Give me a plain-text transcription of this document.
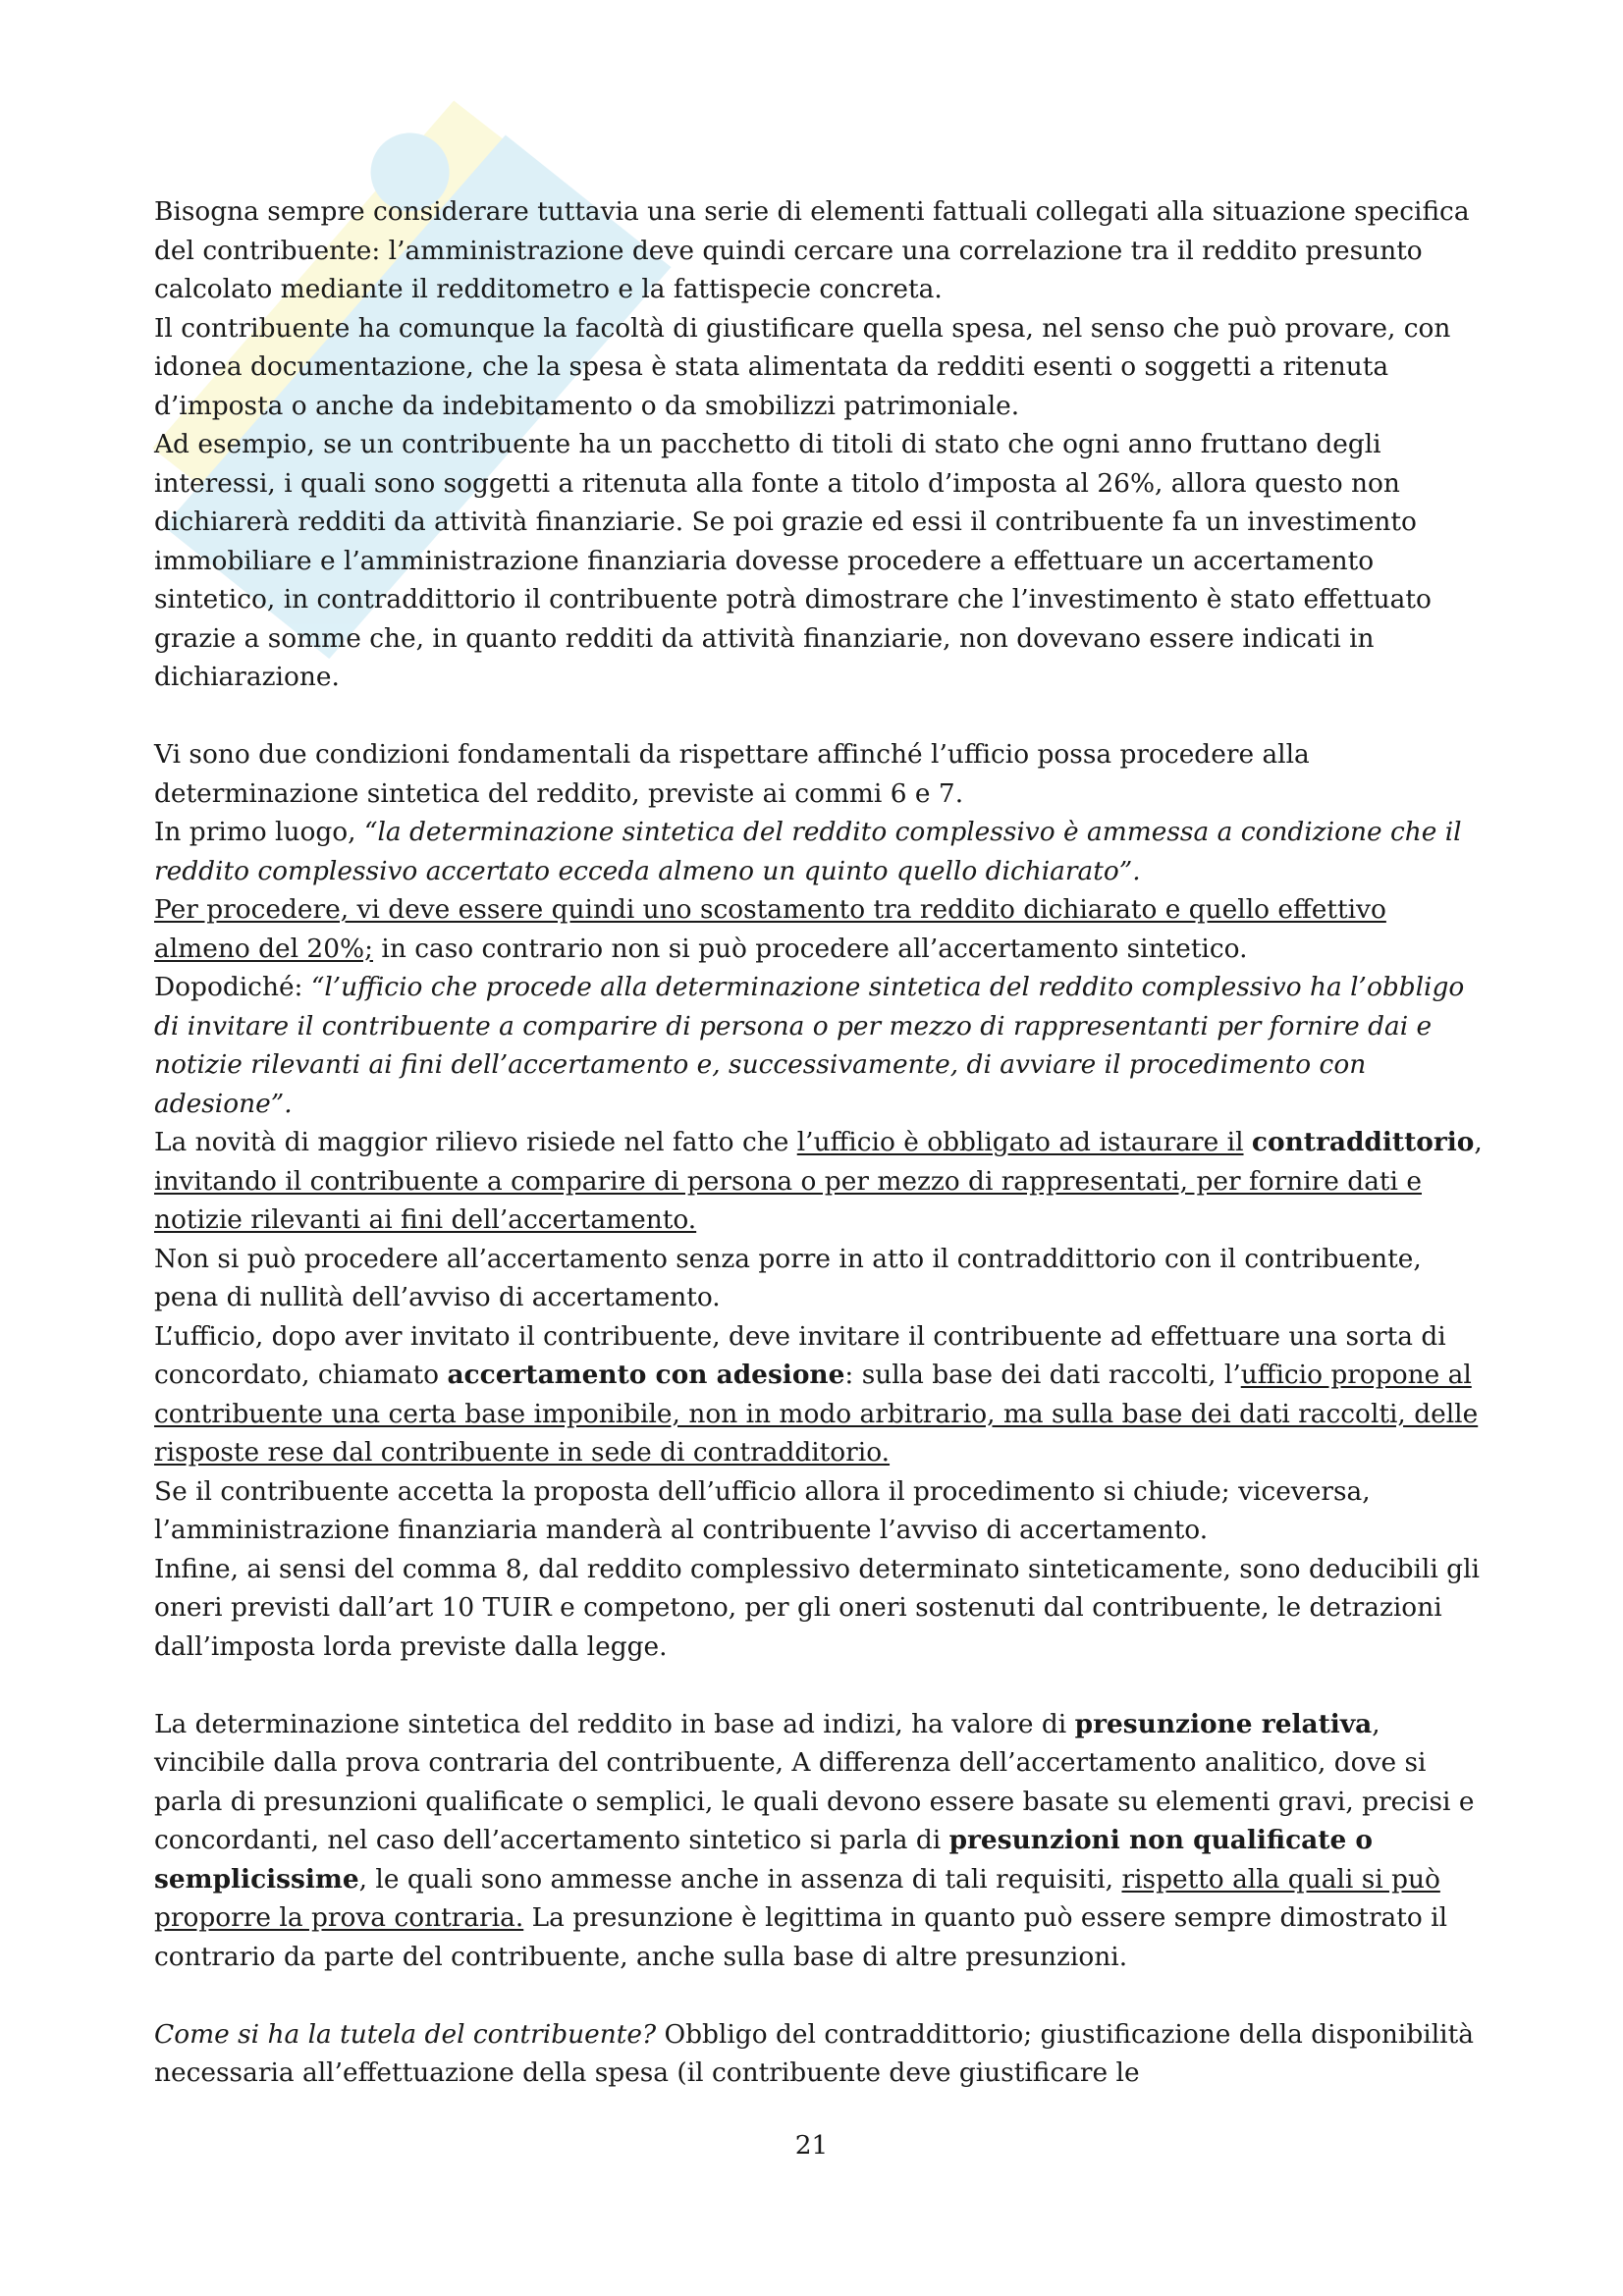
Bisogna sempre considerare tuttavia una serie di elementi fattuali collegati alla situazione specifica del contribuente: l’amministrazione deve quindi cercare una correlazione tra il reddito presunto calcolato mediante il redditometro e la fattispecie concreta.
Il contribuente ha comunque la facoltà di giustificare quella spesa, nel senso che può provare, con idonea documentazione, che la spesa è stata alimentata da redditi esenti o soggetti a ritenuta d’imposta o anche da indebitamento o da smobilizzi patrimoniale.
Ad esempio, se un contribuente ha un pacchetto di titoli di stato che ogni anno fruttano degli interessi, i quali sono soggetti a ritenuta alla fonte a titolo d’imposta al 26%, allora questo non dichiarerà redditi da attività finanziarie. Se poi grazie ed essi il contribuente fa un investimento immobiliare e l’amministrazione finanziaria dovesse procedere a effettuare un accertamento sintetico, in contraddittorio il contribuente potrà dimostrare che l’investimento è stato effettuato grazie a somme che, in quanto redditi da attività finanziarie, non dovevano essere indicati in dichiarazione.

Vi sono due condizioni fondamentali da rispettare affinché l’ufficio possa procedere alla determinazione sintetica del reddito, previste ai commi 6 e 7.
In primo luogo, “la determinazione sintetica del reddito complessivo è ammessa a condizione che il reddito complessivo accertato ecceda almeno un quinto quello dichiarato”.
Per procedere, vi deve essere quindi uno scostamento tra reddito dichiarato e quello effettivo almeno del 20%; in caso contrario non si può procedere all’accertamento sintetico.
Dopodiché: “l’ufficio che procede alla determinazione sintetica del reddito complessivo ha l’obbligo di invitare il contribuente a comparire di persona o per mezzo di rappresentanti per fornire dai e notizie rilevanti ai fini dell’accertamento e, successivamente, di avviare il procedimento con adesione”.
La novità di maggior rilievo risiede nel fatto che l’ufficio è obbligato ad istaurare il contraddittorio, invitando il contribuente a comparire di persona o per mezzo di rappresentati, per fornire dati e notizie rilevanti ai fini dell’accertamento.
Non si può procedere all’accertamento senza porre in atto il contraddittorio con il contribuente, pena di nullità dell’avviso di accertamento.
L’ufficio, dopo aver invitato il contribuente, deve invitare il contribuente ad effettuare una sorta di concordato, chiamato accertamento con adesione: sulla base dei dati raccolti, l’ufficio propone al contribuente una certa base imponibile, non in modo arbitrario, ma sulla base dei dati raccolti, delle risposte rese dal contribuente in sede di contradditorio.
Se il contribuente accetta la proposta dell’ufficio allora il procedimento si chiude; viceversa, l’amministrazione finanziaria manderà al contribuente l’avviso di accertamento.
Infine, ai sensi del comma 8, dal reddito complessivo determinato sinteticamente, sono deducibili gli oneri previsti dall’art 10 TUIR e competono, per gli oneri sostenuti dal contribuente, le detrazioni dall’imposta lorda previste dalla legge.

La determinazione sintetica del reddito in base ad indizi, ha valore di presunzione relativa, vincibile dalla prova contraria del contribuente, A differenza dell’accertamento analitico, dove si parla di presunzioni qualificate o semplici, le quali devono essere basate su elementi gravi, precisi e concordanti, nel caso dell’accertamento sintetico si parla di presunzioni non qualificate o semplicissime, le quali sono ammesse anche in assenza di tali requisiti, rispetto alla quali si può proporre la prova contraria. La presunzione è legittima in quanto può essere sempre dimostrato il contrario da parte del contribuente, anche sulla base di altre presunzioni.

Come si ha la tutela del contribuente? Obbligo del contraddittorio; giustificazione della disponibilità necessaria all’effettuazione della spesa (il contribuente deve giustificare le

21
